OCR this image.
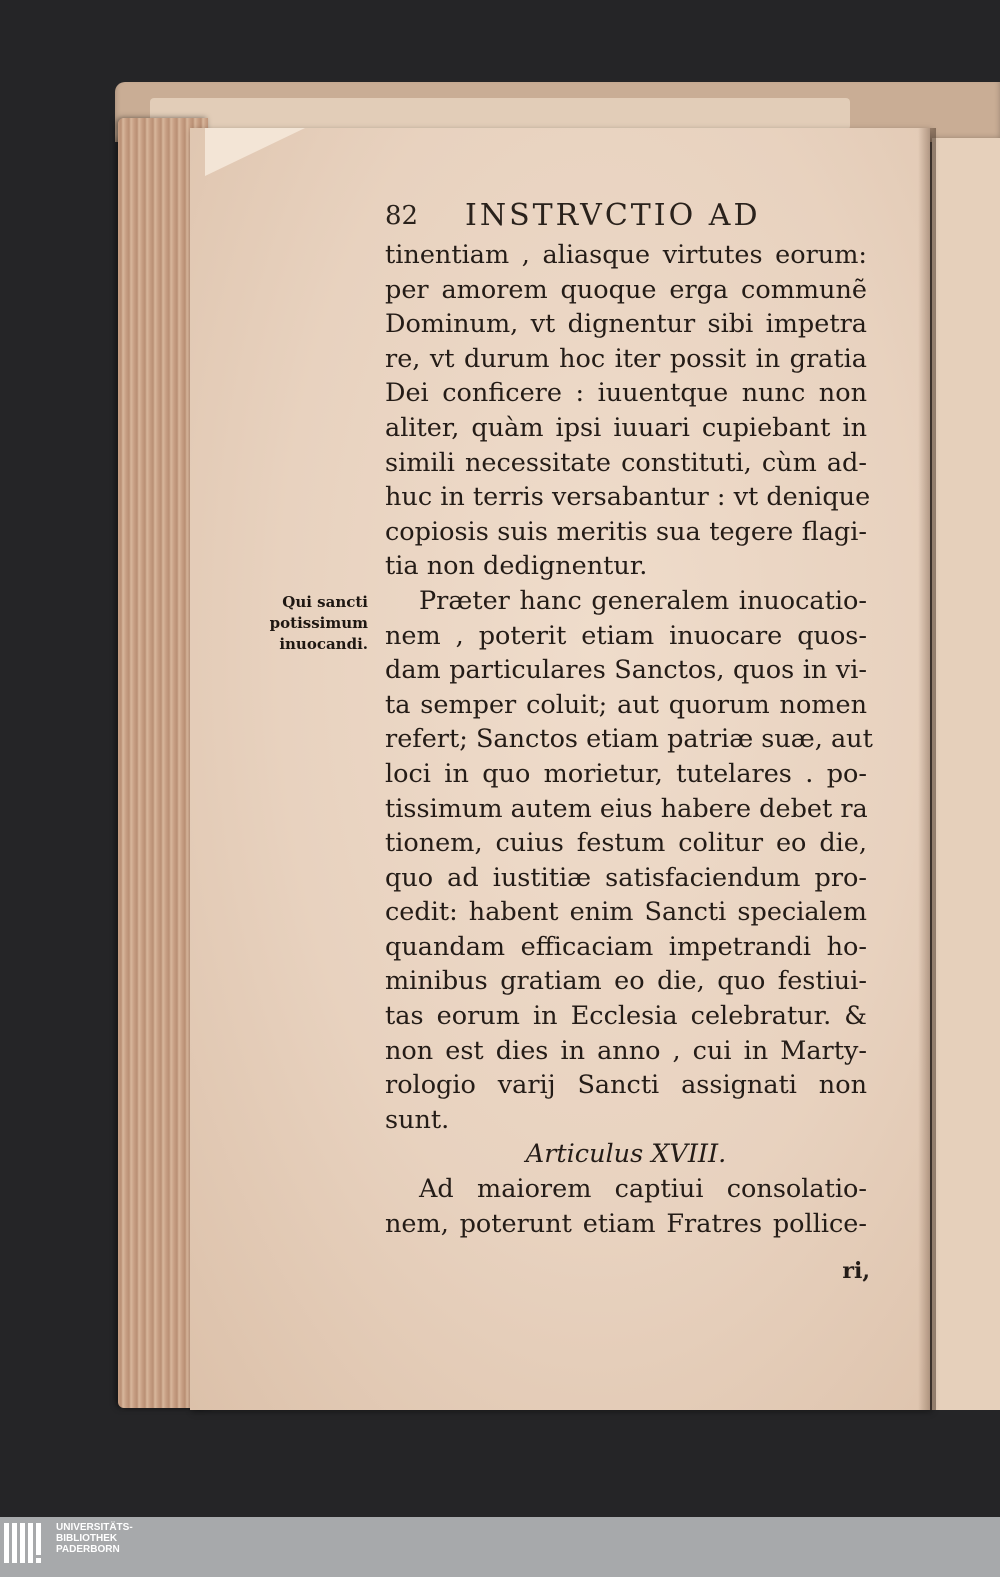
82 INSTRVCTIO AD
Qui sancti
potissimum
inuocandi.
tinentiam , aliasque virtutes eorum:
per amorem quoque erga communẽ
Dominum, vt dignentur sibi impetra
re, vt durum hoc iter possit in gratia
Dei conficere : iuuentque nunc non
aliter, quàm ipsi iuuari cupiebant in
simili necessitate constituti, cùm ad-
huc in terris versabantur : vt denique
copiosis suis meritis sua tegere flagi-
tia non dedignentur.
Præter hanc generalem inuocatio-
nem , poterit etiam inuocare quos-
dam particulares Sanctos, quos in vi-
ta semper coluit; aut quorum nomen
refert; Sanctos etiam patriæ suæ, aut
loci in quo morietur, tutelares . po-
tissimum autem eius habere debet ra
tionem, cuius festum colitur eo die,
quo ad iustitiæ satisfaciendum pro-
cedit: habent enim Sancti specialem
quandam efficaciam impetrandi ho-
minibus gratiam eo die, quo festiui-
tas eorum in Ecclesia celebratur. &
non est dies in anno , cui in Marty-
rologio varij Sancti assignati non
sunt.
Articulus XVIII.
Ad maiorem captiui consolatio-
nem, poterunt etiam Fratres pollice-
ri,
UNIVERSITÄTS-
BIBLIOTHEK
PADERBORN
